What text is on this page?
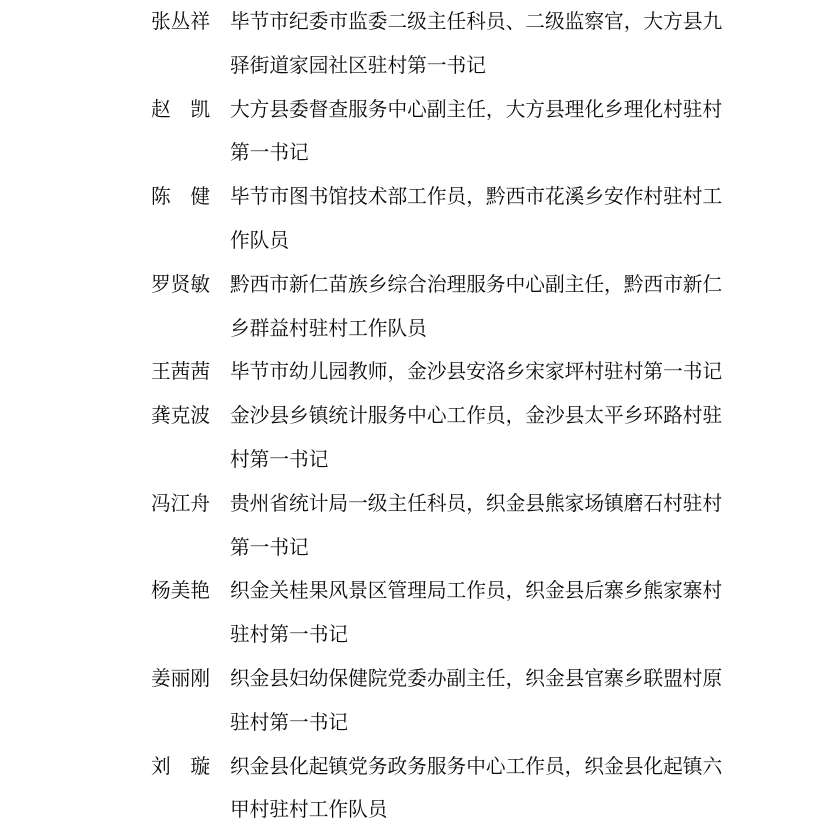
张丛祥 毕节市纪委市监委二级主任科员、二级监察官，大方县九
驿街道家园社区驻村第一书记
赵　凯 大方县委督查服务中心副主任，大方县理化乡理化村驻村
第一书记
陈　健 毕节市图书馆技术部工作员，黔西市花溪乡安作村驻村工
作队员
罗贤敏 黔西市新仁苗族乡综合治理服务中心副主任，黔西市新仁
乡群益村驻村工作队员
王茜茜 毕节市幼儿园教师，金沙县安洛乡宋家坪村驻村第一书记
龚克波 金沙县乡镇统计服务中心工作员，金沙县太平乡环路村驻
村第一书记
冯江舟 贵州省统计局一级主任科员，织金县熊家场镇磨石村驻村
第一书记
杨美艳 织金关桂果风景区管理局工作员，织金县后寨乡熊家寨村
驻村第一书记
姜丽刚 织金县妇幼保健院党委办副主任，织金县官寨乡联盟村原
驻村第一书记
刘　璇 织金县化起镇党务政务服务中心工作员，织金县化起镇六
甲村驻村工作队员
